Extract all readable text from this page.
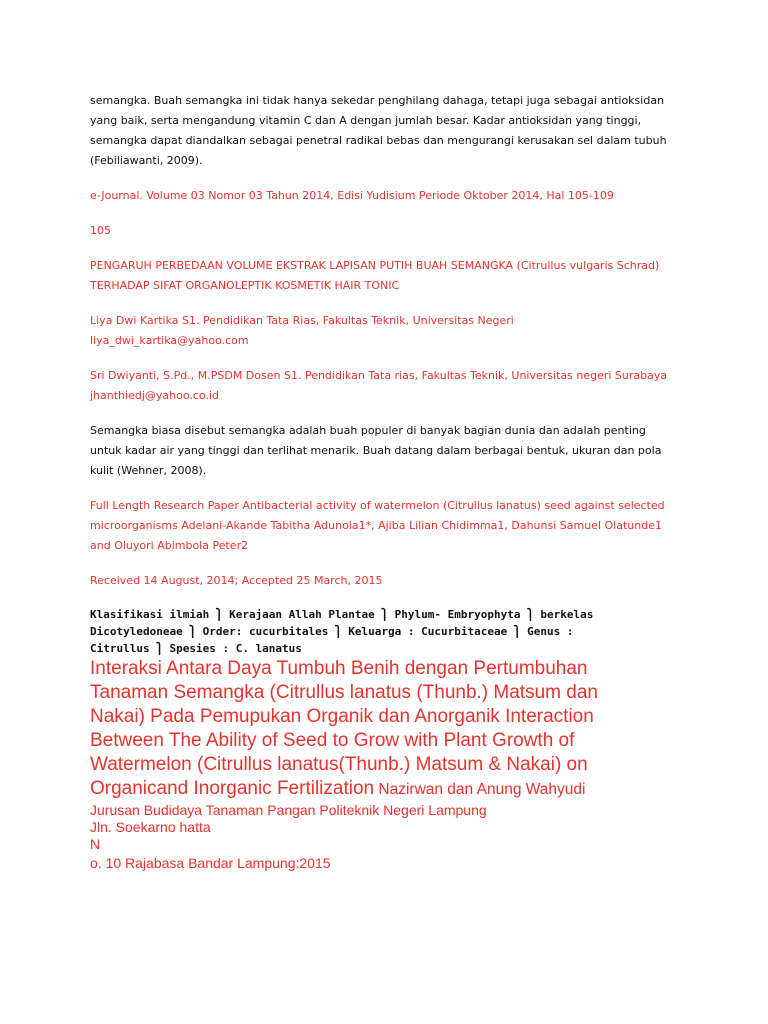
semangka. Buah semangka ini tidak hanya sekedar penghilang dahaga, tetapi juga sebagai antioksidan
yang baik, serta mengandung vitamin C dan A dengan jumlah besar. Kadar antioksidan yang tinggi,
semangka dapat diandalkan sebagai penetral radikal bebas dan mengurangi kerusakan sel dalam tubuh
(Febiliawanti, 2009).

e-Journal. Volume 03 Nomor 03 Tahun 2014, Edisi Yudisium Periode Oktober 2014, Hal 105-109

105

PENGARUH PERBEDAAN VOLUME EKSTRAK LAPISAN PUTIH BUAH SEMANGKA (Citrullus vulgaris Schrad)
TERHADAP SIFAT ORGANOLEPTIK KOSMETIK HAIR TONIC

Liya Dwi Kartika S1. Pendidikan Tata Rias, Fakultas Teknik, Universitas Negeri
liya_dwi_kartika@yahoo.com

Sri Dwiyanti, S.Pd., M.PSDM Dosen S1. Pendidikan Tata rias, Fakultas Teknik, Universitas negeri Surabaya
jhanthiedj@yahoo.co.id

Semangka biasa disebut semangka adalah buah populer di banyak bagian dunia dan adalah penting
untuk kadar air yang tinggi dan terlihat menarik. Buah datang dalam berbagai bentuk, ukuran dan pola
kulit (Wehner, 2008).

Full Length Research Paper Antibacterial activity of watermelon (Citrullus lanatus) seed against selected
microorganisms Adelani-Akande Tabitha Adunola1*, Ajiba Lilian Chidimma1, Dahunsi Samuel Olatunde1
and Oluyori Abimbola Peter2

Received 14 August, 2014; Accepted 25 March, 2015

Klasifikasi ilmiah ⎫ Kerajaan Allah Plantae ⎫ Phylum- Embryophyta ⎫ berkelas
Dicotyledoneae ⎫ Order: cucurbitales ⎫ Keluarga : Cucurbitaceae ⎫ Genus :
Citrullus ⎫ Spesies : C. lanatus

Interaksi Antara Daya Tumbuh Benih dengan Pertumbuhan
Tanaman Semangka (Citrullus lanatus (Thunb.) Matsum dan
Nakai) Pada Pemupukan Organik dan Anorganik Interaction
Between The Ability of Seed to Grow with Plant Growth of
Watermelon (Citrullus lanatus(Thunb.) Matsum & Nakai) on
Organicand Inorganic Fertilization Nazirwan dan Anung Wahyudi

Jurusan Budidaya Tanaman Pangan Politeknik Negeri Lampung
Jln. Soekarno hatta
N

o. 10 Rajabasa Bandar Lampung:2015
